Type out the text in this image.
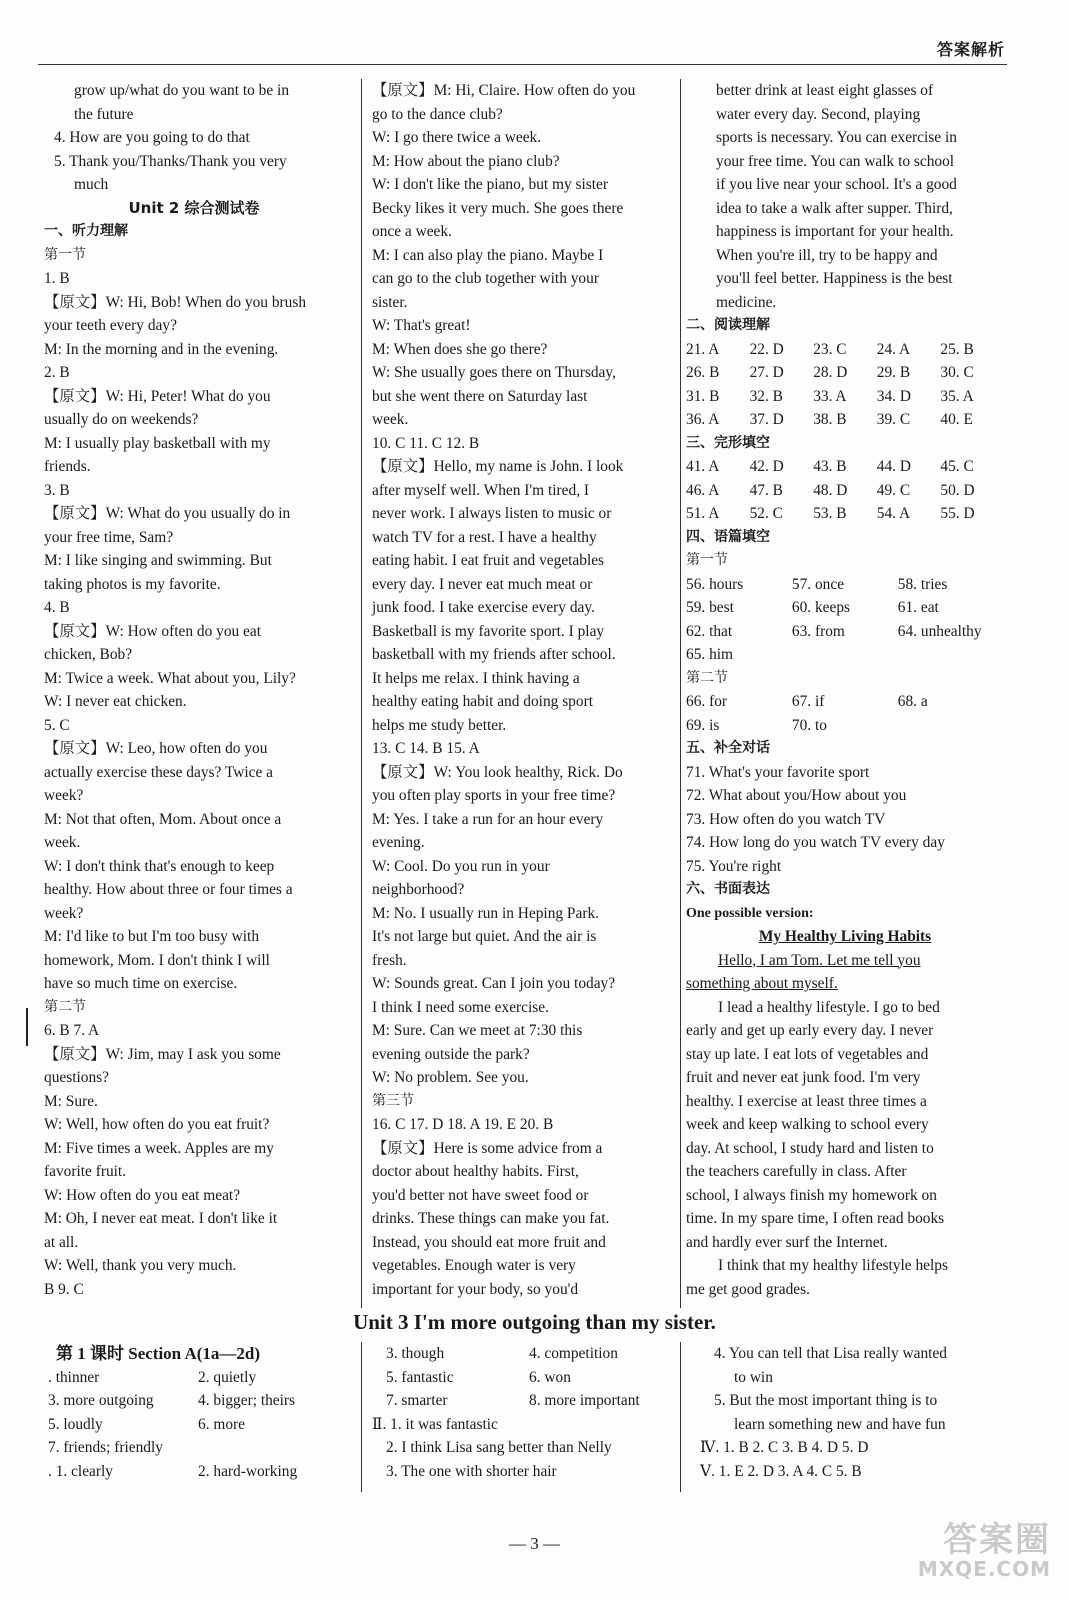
答案解析
grow up/what do you want to be in
the future
4. How are you going to do that
5. Thank you/Thanks/Thank you very
much
Unit 2 综合测试卷
一、听力理解
第一节
1. B
【原文】W: Hi, Bob! When do you brush
your teeth every day?
M: In the morning and in the evening.
2. B
【原文】W: Hi, Peter! What do you
usually do on weekends?
M: I usually play basketball with my
friends.
3. B
【原文】W: What do you usually do in
your free time, Sam?
M: I like singing and swimming. But
taking photos is my favorite.
4. B
【原文】W: How often do you eat
chicken, Bob?
M: Twice a week. What about you, Lily?
W: I never eat chicken.
5. C
【原文】W: Leo, how often do you
actually exercise these days? Twice a
week?
M: Not that often, Mom. About once a
week.
W: I don't think that's enough to keep
healthy. How about three or four times a
week?
M: I'd like to but I'm too busy with
homework, Mom. I don't think I will
have so much time on exercise.
第二节
6. B 7. A
【原文】W: Jim, may I ask you some
questions?
M: Sure.
W: Well, how often do you eat fruit?
M: Five times a week. Apples are my
favorite fruit.
W: How often do you eat meat?
M: Oh, I never eat meat. I don't like it
at all.
W: Well, thank you very much.
B 9. C
【原文】M: Hi, Claire. How often do you
go to the dance club?
W: I go there twice a week.
M: How about the piano club?
W: I don't like the piano, but my sister
Becky likes it very much. She goes there
once a week.
M: I can also play the piano. Maybe I
can go to the club together with your
sister.
W: That's great!
M: When does she go there?
W: She usually goes there on Thursday,
but she went there on Saturday last
week.
10. C 11. C 12. B
【原文】Hello, my name is John. I look
after myself well. When I'm tired, I
never work. I always listen to music or
watch TV for a rest. I have a healthy
eating habit. I eat fruit and vegetables
every day. I never eat much meat or
junk food. I take exercise every day.
Basketball is my favorite sport. I play
basketball with my friends after school.
It helps me relax. I think having a
healthy eating habit and doing sport
helps me study better.
13. C 14. B 15. A
【原文】W: You look healthy, Rick. Do
you often play sports in your free time?
M: Yes. I take a run for an hour every
evening.
W: Cool. Do you run in your
neighborhood?
M: No. I usually run in Heping Park.
It's not large but quiet. And the air is
fresh.
W: Sounds great. Can I join you today?
I think I need some exercise.
M: Sure. Can we meet at 7:30 this
evening outside the park?
W: No problem. See you.
第三节
16. C 17. D 18. A 19. E 20. B
【原文】Here is some advice from a
doctor about healthy habits. First,
you'd better not have sweet food or
drinks. These things can make you fat.
Instead, you should eat more fruit and
vegetables. Enough water is very
important for your body, so you'd
better drink at least eight glasses of
water every day. Second, playing
sports is necessary. You can exercise in
your free time. You can walk to school
if you live near your school. It's a good
idea to take a walk after supper. Third,
happiness is important for your health.
When you're ill, try to be happy and
you'll feel better. Happiness is the best
medicine.
二、阅读理解
21. A	22. D	23. C	24. A	25. B
26. B	27. D	28. D	29. B	30. C
31. B	32. B	33. A	34. D	35. A
36. A	37. D	38. B	39. C	40. E
三、完形填空
41. A	42. D	43. B	44. D	45. C
46. A	47. B	48. D	49. C	50. D
51. A	52. C	53. B	54. A	55. D
四、语篇填空
第一节
56. hours	57. once	58. tries
59. best	60. keeps	61. eat
62. that	63. from	64. unhealthy
65. him
第二节
66. for	67. if	68. a
69. is	70. to
五、补全对话
71. What's your favorite sport
72. What about you/How about you
73. How often do you watch TV
74. How long do you watch TV every day
75. You're right
六、书面表达
One possible version:
My Healthy Living Habits
Hello, I am Tom. Let me tell you
something about myself.
I lead a healthy lifestyle. I go to bed
early and get up early every day. I never
stay up late. I eat lots of vegetables and
fruit and never eat junk food. I'm very
healthy. I exercise at least three times a
week and keep walking to school every
day. At school, I study hard and listen to
the teachers carefully in class. After
school, I always finish my homework on
time. In my spare time, I often read books
and hardly ever surf the Internet.
I think that my healthy lifestyle helps
me get good grades.
Unit 3 I'm more outgoing than my sister.
第 1 课时 Section A(1a—2d)
. thinner	2. quietly
3. more outgoing	4. bigger; theirs
5. loudly	6. more
7. friends; friendly
. 1. clearly	2. hard-working
3. though	4. competition
5. fantastic	6. won
7. smarter	8. more important
Ⅱ. 1. it was fantastic
2. I think Lisa sang better than Nelly
3. The one with shorter hair
4. You can tell that Lisa really wanted
to win
5. But the most important thing is to
learn something new and have fun
Ⅳ. 1. B 2. C 3. B 4. D 5. D
Ⅴ. 1. E 2. D 3. A 4. C 5. B
— 3 —	答案圈
MXQE.COM
